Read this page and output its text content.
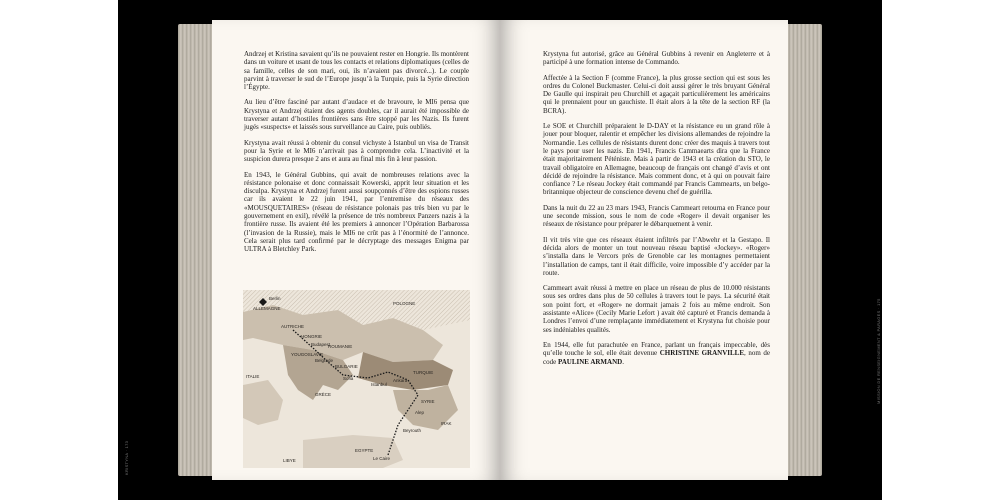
KRISTYNA · 173
MISSION DE RENSEIGNEMENT & PARAGES · 175

Andrzej et Kristina savaient qu’ils ne pouvaient rester en Hongrie. Ils montèrent dans un voiture et usant de tous les contacts et relations diplomatiques (celles de sa famille, celles de son mari, oui, ils n’avaient pas divorcé...). Le couple parvint à traverser le sud de l’Europe jusqu’à la Turquie, puis la Syrie direction l’Égypte.

Au lieu d’être fasciné par autant d’audace et de bravoure, le MI6 pensa que Krystyna et Andrzej étaient des agents doubles, car il aurait été impossible de traverser autant d’hostiles frontières sans être stoppé par les Nazis. Ils furent jugés «suspects» et laissés sous surveillance au Caire, puis oubliés.

Krystyna avait réussi à obtenir du consul vichyste à Istanbul un visa de Transit pour la Syrie et le MI6 n’arrivait pas à comprendre cela. L’inactivité et la suspicion durera presque 2 ans et aura au final mis fin à leur passion.

En 1943, le Général Gubbins, qui avait de nombreuses relations avec la résistance polonaise et donc connaissait Kowerski, apprit leur situation et les disculpa. Krystyna et Andrzej furent aussi soupçonnés d’être des espions russes car ils avaient le 22 juin 1941, par l’entremise du réseaux des «MOUSQUETAIRES» (réseau de résistance polonais pas très bien vu par le gouvernement en exil), révélé la présence de très nombreux Panzers nazis à la frontière russe. Ils avaient été les premiers à annoncer l’Opération Barbarossa (l’invasion de la Russie), mais le MI6 ne crût pas à l’énormité de l’annonce. Cela serait plus tard confirmé par le décryptage des messages Enigma par ULTRA à Bletchley Park.

Berlin
ALLEMAGNE
POLOGNE
AUTRICHE
HONGRIE
ROUMANIE
YOUGOSLAVIE
BULGARIE
ITALIE
GRÈCE
TURQUIE
SYRIE
IRAK
EGYPTE
LIBYE	Le Caire
Budapest
Belgrade
Sofia
Istanbul
Ankara
Alep
Beyrouth

Krystyna fut autorisé, grâce au Général Gubbins à revenir en Angleterre et à participé à une formation intense de Commando.

Affectée à la Section F (comme France), la plus grosse section qui est sous les ordres du Colonel Buckmaster. Celui-ci doit aussi gérer le très bruyant Général De Gaulle qui inspirait peu Churchill et agaçait particulièrement les américains qui le prennaient pour un gauchiste. Il était alors à la tête de la section RF (la BCRA).

Le SOE et Churchill préparaient le D-DAY et la résistance eu un grand rôle à jouer pour bloquer, ralentir et empêcher les divisions allemandes de rejoindre la Normandie. Les cellules de résistants durent donc créer des maquis à travers tout le pays pour user les nazis. En 1941, Francis Cammaearts dira que la France était majoritairement Péténiste. Mais à partir de 1943 et la création du STO, le travail obligatoire en Allemagne, beaucoup de français ont changé d’avis et ont décidé de rejoindre la résistance. Mais comment donc, et à qui on pouvait faire confiance ? Le réseau Jockey était commandé par Francis Cammearts, un belgo-britannique objecteur de conscience devenu chef de guérilla.

Dans la nuit du 22 au 23 mars 1943, Francis Cammeart retourna en France pour une seconde mission, sous le nom de code «Roger» il devait organiser les réseaux de résistance pour préparer le débarquement à venir.

Il vit très vite que ces réseaux étaient infiltrés par l’Abwehr et la Gestapo. Il décida alors de monter un tout nouveau réseau baptisé «Jockey». «Roger» s’installa dans le Vercors près de Grenoble car les montagnes permettaient l’installation de camps, tant il était difficile, voire impossible d’y accéder par la route.

Cammeart avait réussi à mettre en place un réseau de plus de 10.000 résistants sous ses ordres dans plus de 50 cellules à travers tout le pays. La sécurité était son point fort, et «Roger» ne dormait jamais 2 fois au même endroit. Son assistante «Alice» (Cecily Marie Lefort ) avait été capturé et Francis demanda à Londres l’envoi d’une remplaçante immédiatement et Krystyna fut choisie pour ses indéniables qualités.

En 1944, elle fut parachutée en France, parlant un français impeccable, dès qu’elle touche le sol, elle était devenue CHRISTINE GRANVILLE, nom de code PAULINE ARMAND.
